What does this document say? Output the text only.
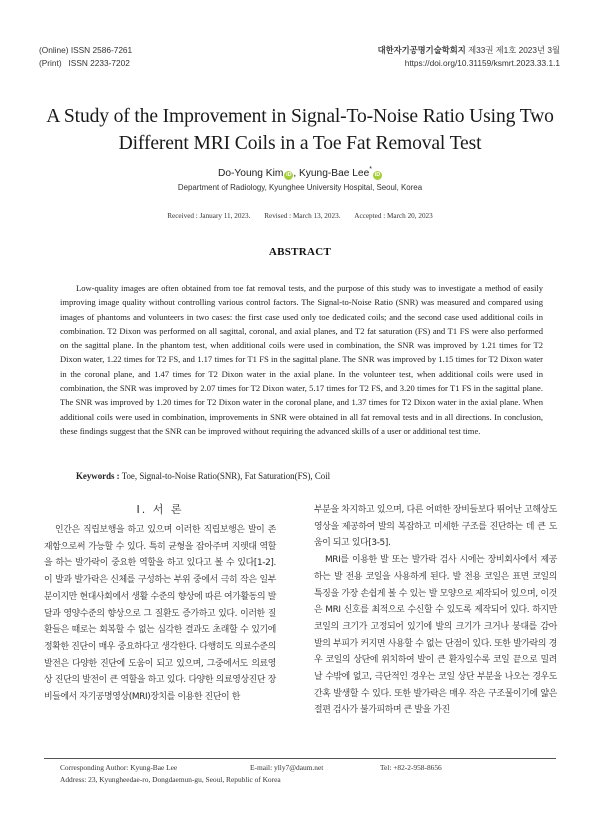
(Online) ISSN 2586-7261
(Print)   ISSN 2233-7202
대한자기공명기술학회지 제33권 제1호 2023년 3월
https://doi.org/10.31159/ksmrt.2023.33.1.1
A Study of the Improvement in Signal-To-Noise Ratio Using Two
Different MRI Coils in a Toe Fat Removal Test
Do-Young Kim iD , Kyung-Bae Lee*iD
Department of Radiology, Kyunghee University Hospital, Seoul, Korea
Received : January 11, 2023. Revised : March 13, 2023. Accepted : March 20, 2023
ABSTRACT
Low-quality images are often obtained from toe fat removal tests, and the purpose of this study was to investigate a method of easily improving image quality without controlling various control factors. The Signal-to-Noise Ratio (SNR) was measured and compared using images of phantoms and volunteers in two cases: the first case used only toe dedicated coils; and the second case used additional coils in combination. T2 Dixon was performed on all sagittal, coronal, and axial planes, and T2 fat saturation (FS) and T1 FS were also performed on the sagittal plane. In the phantom test, when additional coils were used in combination, the SNR was improved by 1.21 times for T2 Dixon water, 1.22 times for T2 FS, and 1.17 times for T1 FS in the sagittal plane. The SNR was improved by 1.15 times for T2 Dixon water in the coronal plane, and 1.47 times for T2 Dixon water in the axial plane. In the volunteer test, when additional coils were used in combination, the SNR was improved by 2.07 times for T2 Dixon water, 5.17 times for T2 FS, and 3.20 times for T1 FS in the sagittal plane. The SNR was improved by 1.20 times for T2 Dixon water in the coronal plane, and 1.37 times for T2 Dixon water in the axial plane. When additional coils were used in combination, improvements in SNR were obtained in all fat removal tests and in all directions. In conclusion, these findings suggest that the SNR can be improved without requiring the advanced skills of a user or additional test time.
Keywords : Toe, Signal-to-Noise Ratio(SNR), Fat Saturation(FS), Coil
Ⅰ. 서 론

인간은 직립보행을 하고 있으며 이러한 직립보행은 발이 존재함으로써 가능할 수 있다. 특히 균형을 잡아주며 지렛대 역할을 하는 발가락이 중요한 역할을 하고 있다고 볼 수 있다[1-2]. 이 발과 발가락은 신체를 구성하는 부위 중에서 극히 작은 일부분이지만 현대사회에서 생활 수준의 향상에 따른 여가활동의 발달과 영양수준의 향상으로 그 질환도 증가하고 있다. 이러한 질환들은 때로는 회복할 수 없는 심각한 결과도 초래할 수 있기에 정확한 진단이 매우 중요하다고 생각한다. 다행히도 의료수준의 발전은 다양한 진단에 도움이 되고 있으며, 그중에서도 의료영상 진단의 발전이 큰 역할을 하고 있다. 다양한 의료영상진단 장비들에서 자기공명영상(MRI)장치를 이용한 진단이 한

부분을 차지하고 있으며, 다른 어떠한 장비들보다 뛰어난 고해상도 영상을 제공하여 발의 복잡하고 미세한 구조를 진단하는 데 큰 도움이 되고 있다[3-5].

MRI를 이용한 발 또는 발가락 검사 시에는 장비회사에서 제공하는 발 전용 코일을 사용하게 된다. 발 전용 코일은 표면 코일의 특징을 가장 손쉽게 볼 수 있는 발 모양으로 제작되어 있으며, 이것은 MRI 신호를 최적으로 수신할 수 있도록 제작되어 있다. 하지만 코일의 크기가 고정되어 있기에 발의 크기가 크거나 붕대를 감아 발의 부피가 커지면 사용할 수 없는 단점이 있다. 또한 발가락의 경우 코일의 상단에 위치하여 발이 큰 환자일수록 코일 끝으로 밀려날 수밖에 없고, 극단적인 경우는 코일 상단 부분을 나오는 경우도 간혹 발생할 수 있다. 또한 발가락은 매우 작은 구조물이기에 얇은 절편 검사가 불가피하며 큰 발을 가진

Corresponding Author: Kyung-Bae Lee	E-mail: ylly7@daum.net	Tel: +82-2-958-8656
Address: 23, Kyungheedae-ro, Dongdaemun-gu, Seoul, Republic of Korea
